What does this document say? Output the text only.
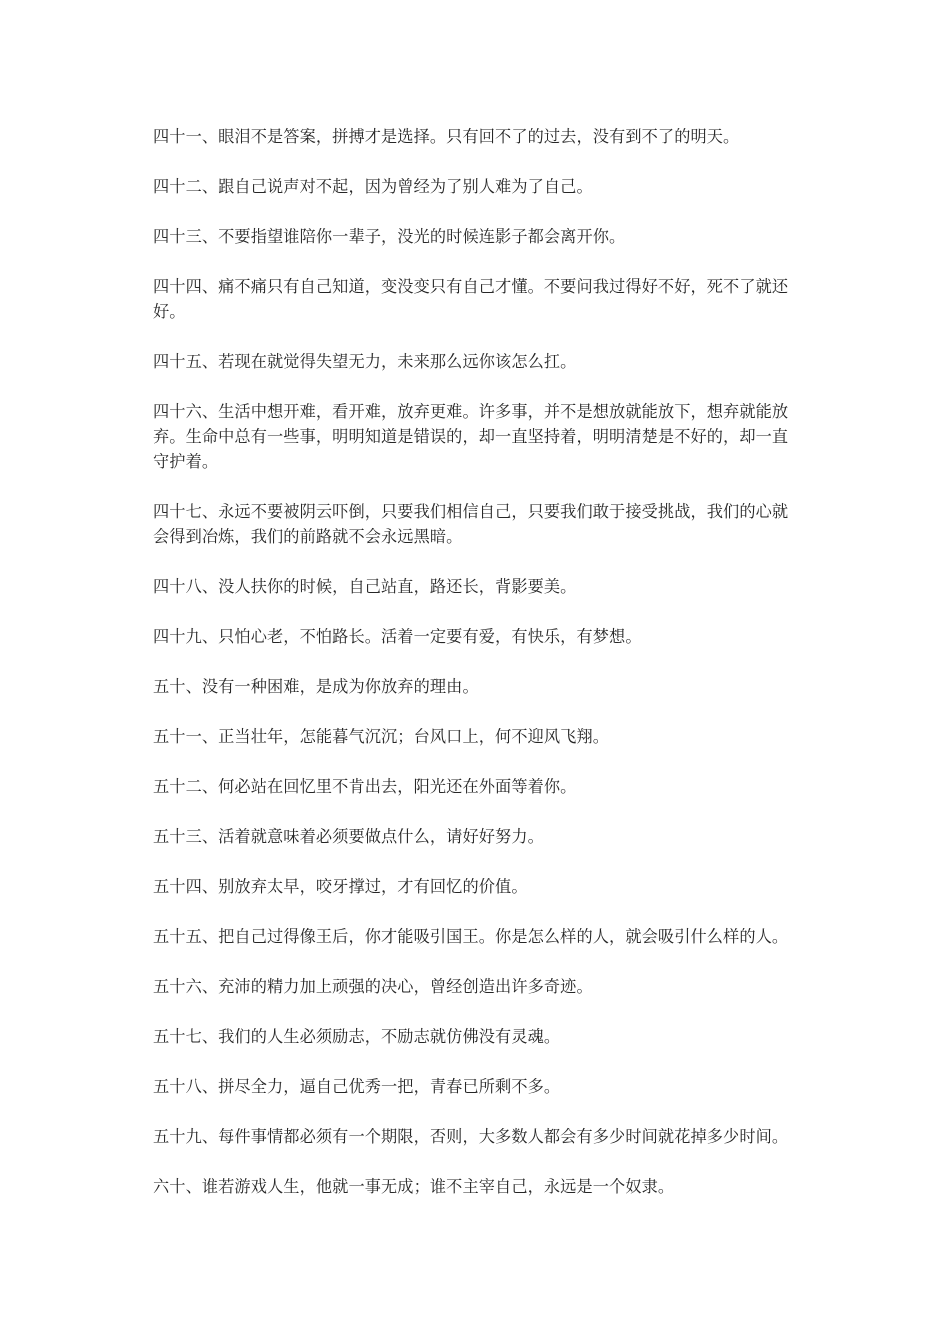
四十一、眼泪不是答案，拼搏才是选择。只有回不了的过去，没有到不了的明天。

四十二、跟自己说声对不起，因为曾经为了别人难为了自己。

四十三、不要指望谁陪你一辈子，没光的时候连影子都会离开你。

四十四、痛不痛只有自己知道，变没变只有自己才懂。不要问我过得好不好，死不了就还好。

四十五、若现在就觉得失望无力，未来那么远你该怎么扛。

四十六、生活中想开难，看开难，放弃更难。许多事，并不是想放就能放下，想弃就能放弃。生命中总有一些事，明明知道是错误的，却一直坚持着，明明清楚是不好的，却一直守护着。

四十七、永远不要被阴云吓倒，只要我们相信自己，只要我们敢于接受挑战，我们的心就会得到冶炼，我们的前路就不会永远黑暗。

四十八、没人扶你的时候，自己站直，路还长，背影要美。

四十九、只怕心老，不怕路长。活着一定要有爱，有快乐，有梦想。

五十、没有一种困难，是成为你放弃的理由。

五十一、正当壮年，怎能暮气沉沉；台风口上，何不迎风飞翔。

五十二、何必站在回忆里不肯出去，阳光还在外面等着你。

五十三、活着就意味着必须要做点什么，请好好努力。

五十四、别放弃太早，咬牙撑过，才有回忆的价值。

五十五、把自己过得像王后，你才能吸引国王。你是怎么样的人，就会吸引什么样的人。

五十六、充沛的精力加上顽强的决心，曾经创造出许多奇迹。

五十七、我们的人生必须励志，不励志就仿佛没有灵魂。

五十八、拼尽全力，逼自己优秀一把，青春已所剩不多。

五十九、每件事情都必须有一个期限，否则，大多数人都会有多少时间就花掉多少时间。

六十、谁若游戏人生，他就一事无成；谁不主宰自己，永远是一个奴隶。
